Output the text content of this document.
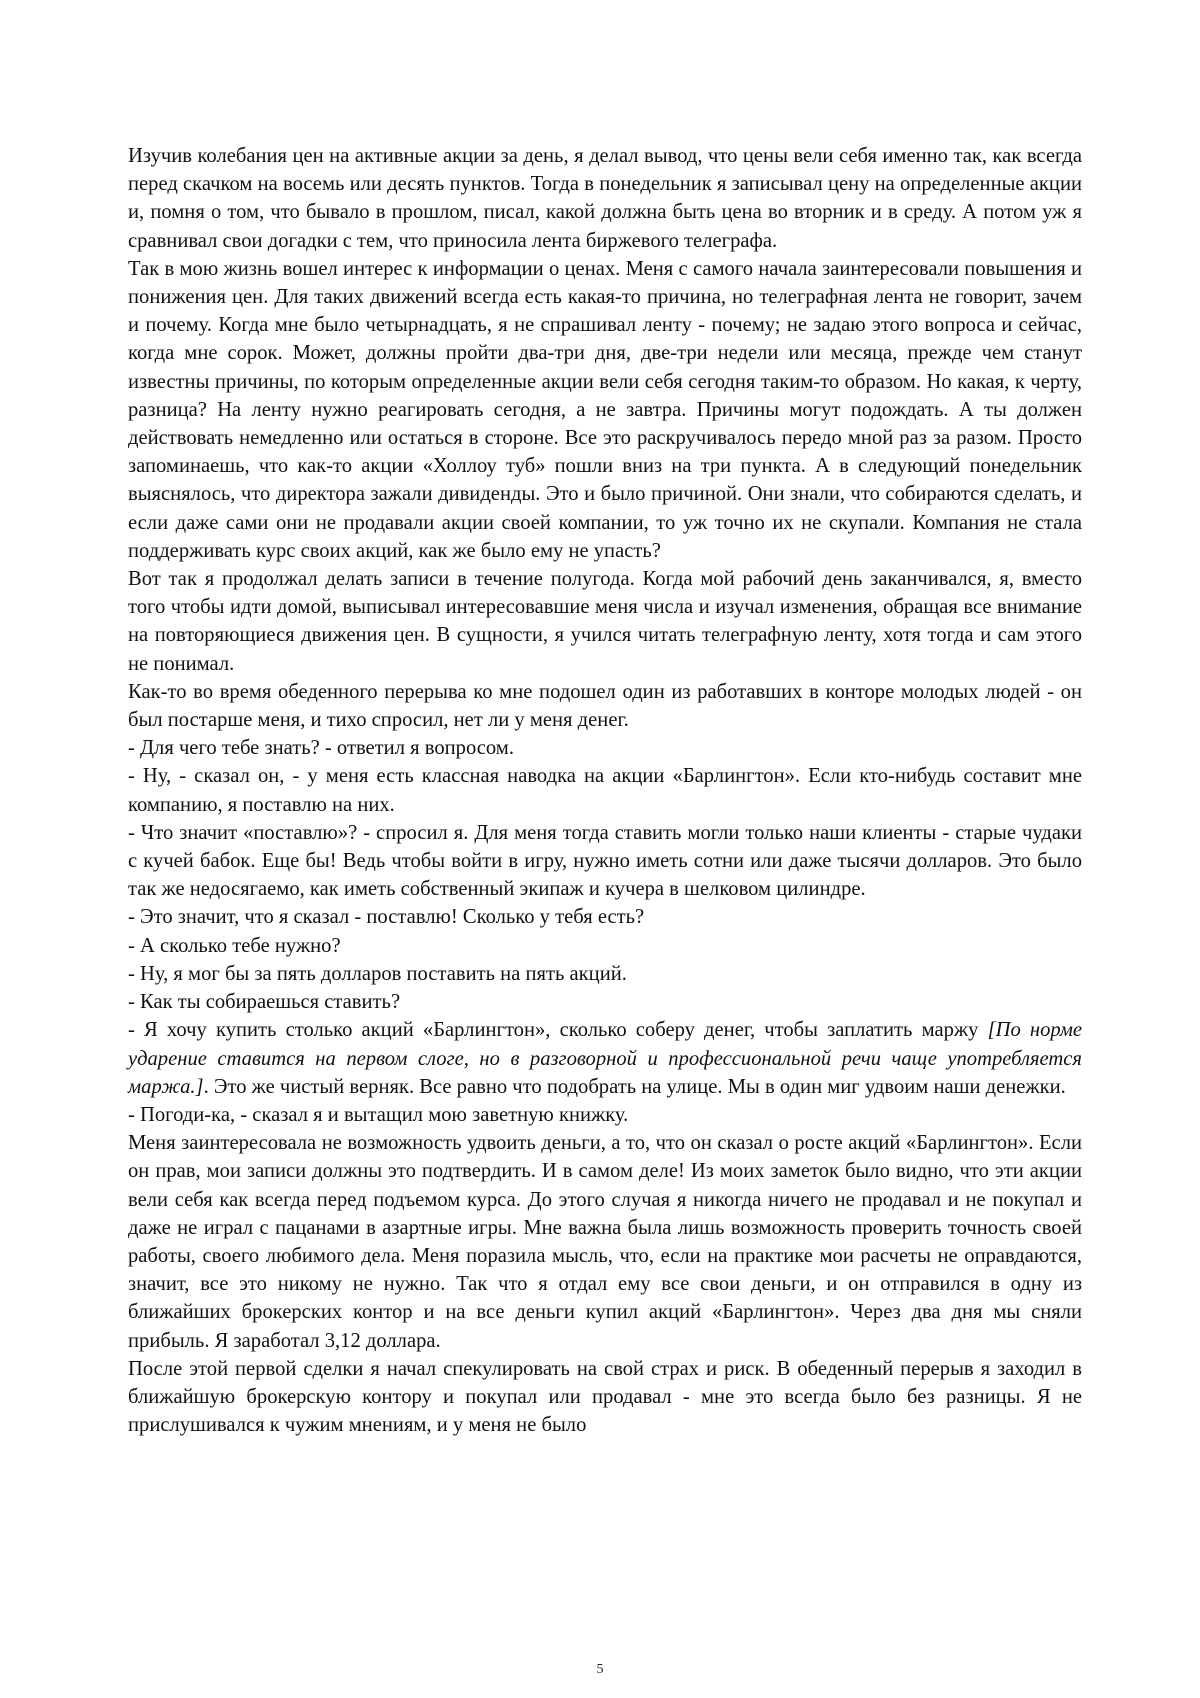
Изучив колебания цен на активные акции за день, я делал вывод, что цены вели себя именно так, как всегда перед скачком на восемь или десять пунктов. Тогда в понедельник я записывал цену на определенные акции и, помня о том, что бывало в прошлом, писал, какой должна быть цена во вторник и в среду. А потом уж я сравнивал свои догадки с тем, что приносила лента биржевого телеграфа.

Так в мою жизнь вошел интерес к информации о ценах. Меня с самого начала заинтересовали повышения и понижения цен. Для таких движений всегда есть какая-то причина, но телеграфная лента не говорит, зачем и почему. Когда мне было четырнадцать, я не спрашивал ленту - почему; не задаю этого вопроса и сейчас, когда мне сорок. Может, должны пройти два-три дня, две-три недели или месяца, прежде чем станут известны причины, по которым определенные акции вели себя сегодня таким-то образом. Но какая, к черту, разница? На ленту нужно реагировать сегодня, а не завтра. Причины могут подождать. А ты должен действовать немедленно или остаться в стороне. Все это раскручивалось передо мной раз за разом. Просто запоминаешь, что как-то акции «Холлоу туб» пошли вниз на три пункта. А в следующий понедельник выяснялось, что директора зажали дивиденды. Это и было причиной. Они знали, что собираются сделать, и если даже сами они не продавали акции своей компании, то уж точно их не скупали. Компания не стала поддерживать курс своих акций, как же было ему не упасть?

Вот так я продолжал делать записи в течение полугода. Когда мой рабочий день заканчивался, я, вместо того чтобы идти домой, выписывал интересовавшие меня числа и изучал изменения, обращая все внимание на повторяющиеся движения цен. В сущности, я учился читать телеграфную ленту, хотя тогда и сам этого не понимал.

Как-то во время обеденного перерыва ко мне подошел один из работавших в конторе молодых людей - он был постарше меня, и тихо спросил, нет ли у меня денег.

- Для чего тебе знать? - ответил я вопросом.

- Ну, - сказал он, - у меня есть классная наводка на акции «Барлингтон». Если кто-нибудь составит мне компанию, я поставлю на них.

- Что значит «поставлю»? - спросил я. Для меня тогда ставить могли только наши клиенты - старые чудаки с кучей бабок. Еще бы! Ведь чтобы войти в игру, нужно иметь сотни или даже тысячи долларов. Это было так же недосягаемо, как иметь собственный экипаж и кучера в шелковом цилиндре.

- Это значит, что я сказал - поставлю! Сколько у тебя есть?

- А сколько тебе нужно?

- Ну, я мог бы за пять долларов поставить на пять акций.

- Как ты собираешься ставить?

- Я хочу купить столько акций «Барлингтон», сколько соберу денег, чтобы заплатить маржу [По норме ударение ставится на первом слоге, но в разговорной и профессиональной речи чаще употребляется маржа.]. Это же чистый верняк. Все равно что подобрать на улице. Мы в один миг удвоим наши денежки.

- Погоди-ка, - сказал я и вытащил мою заветную книжку.

Меня заинтересовала не возможность удвоить деньги, а то, что он сказал о росте акций «Барлингтон». Если он прав, мои записи должны это подтвердить. И в самом деле! Из моих заметок было видно, что эти акции вели себя как всегда перед подъемом курса. До этого случая я никогда ничего не продавал и не покупал и даже не играл с пацанами в азартные игры. Мне важна была лишь возможность проверить точность своей работы, своего любимого дела. Меня поразила мысль, что, если на практике мои расчеты не оправдаются, значит, все это никому не нужно. Так что я отдал ему все свои деньги, и он отправился в одну из ближайших брокерских контор и на все деньги купил акций «Барлингтон». Через два дня мы сняли прибыль. Я заработал 3,12 доллара.

После этой первой сделки я начал спекулировать на свой страх и риск. В обеденный перерыв я заходил в ближайшую брокерскую контору и покупал или продавал - мне это всегда было без разницы. Я не прислушивался к чужим мнениям, и у меня не было

5
